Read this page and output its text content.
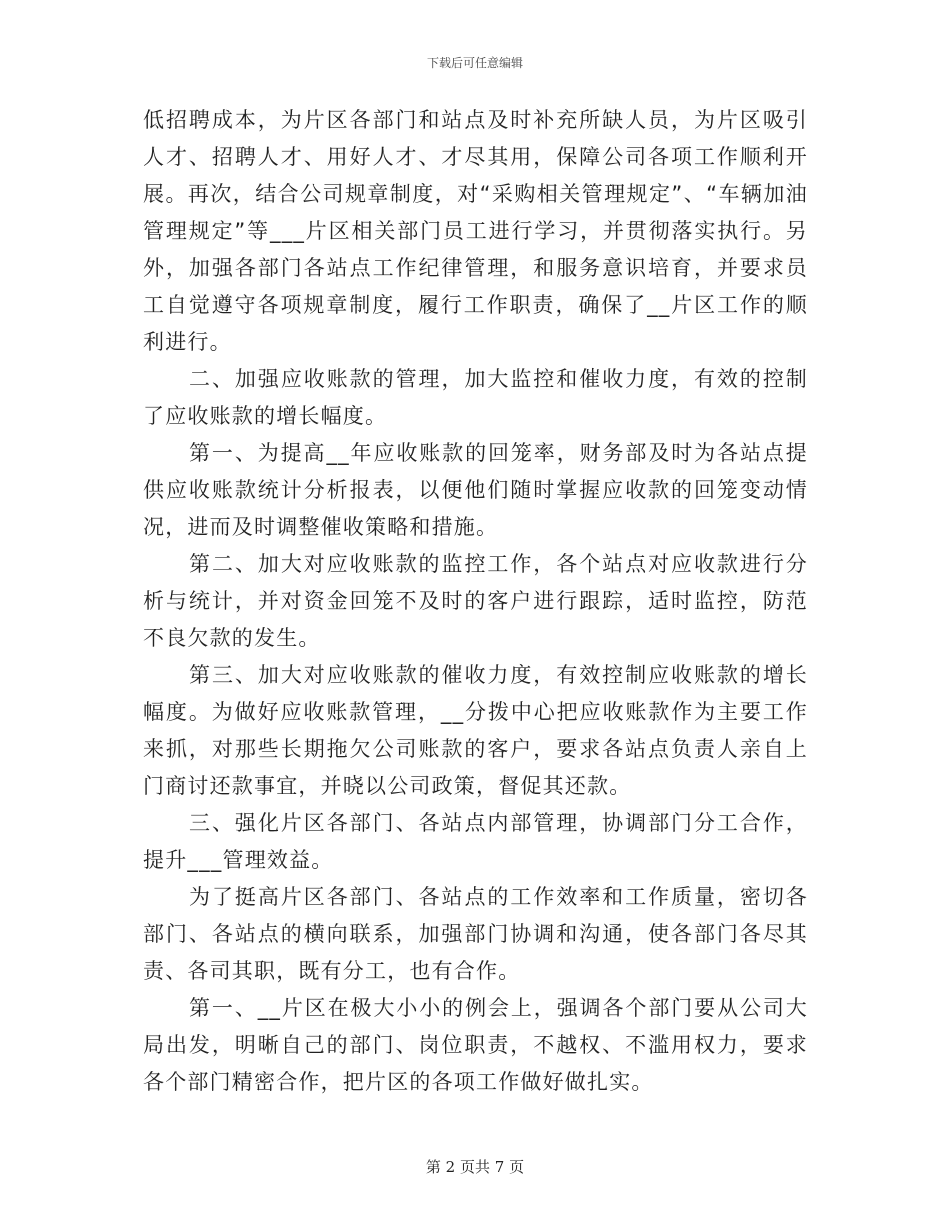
下载后可任意编辑

低招聘成本，为片区各部门和站点及时补充所缺人员，为片区吸引人才、招聘人才、用好人才、才尽其用，保障公司各项工作顺利开展。再次，结合公司规章制度，对“采购相关管理规定”、“车辆加油管理规定”等___片区相关部门员工进行学习，并贯彻落实执行。另外，加强各部门各站点工作纪律管理，和服务意识培育，并要求员工自觉遵守各项规章制度，履行工作职责，确保了__片区工作的顺利进行。

二、加强应收账款的管理，加大监控和催收力度，有效的控制了应收账款的增长幅度。

第一、为提高__年应收账款的回笼率，财务部及时为各站点提供应收账款统计分析报表，以便他们随时掌握应收款的回笼变动情况，进而及时调整催收策略和措施。

第二、加大对应收账款的监控工作，各个站点对应收款进行分析与统计，并对资金回笼不及时的客户进行跟踪，适时监控，防范不良欠款的发生。

第三、加大对应收账款的催收力度，有效控制应收账款的增长幅度。为做好应收账款管理，__分拨中心把应收账款作为主要工作来抓，对那些长期拖欠公司账款的客户，要求各站点负责人亲自上门商讨还款事宜，并晓以公司政策，督促其还款。

三、强化片区各部门、各站点内部管理，协调部门分工合作，提升___管理效益。

为了挺高片区各部门、各站点的工作效率和工作质量，密切各部门、各站点的横向联系，加强部门协调和沟通，使各部门各尽其责、各司其职，既有分工，也有合作。

第一、__片区在极大小小的例会上，强调各个部门要从公司大局出发，明晰自己的部门、岗位职责，不越权、不滥用权力，要求各个部门精密合作，把片区的各项工作做好做扎实。

第 2 页共 7 页
